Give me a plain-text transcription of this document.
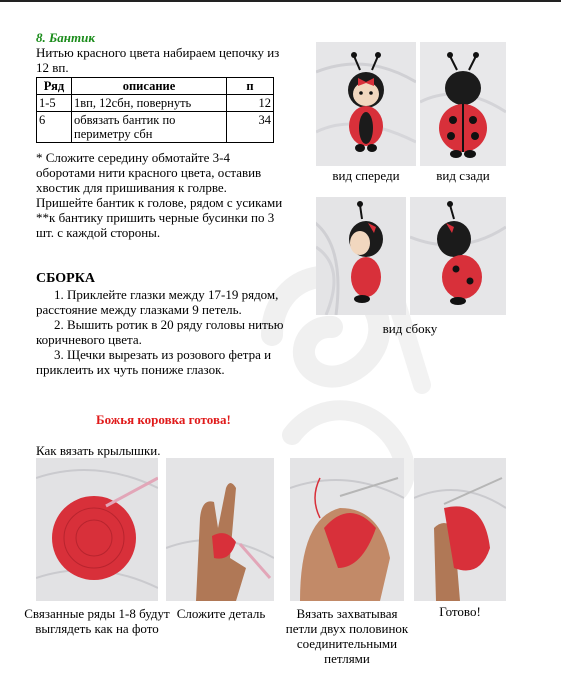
8. Бантик
Нитью красного цвета набираем цепочку из 12 вп.
Ряд	описание	п
1-5	1вп, 12сбн, повернуть	12
6	обвязать бантик по периметру сбн	34
* Сложите середину обмотайте 3-4 оборотами нити красного цвета, оставив хвостик для пришивания к голрве. Пришейте бантик к голове, рядом с усиками
**к бантику пришить черные бусинки по 3 шт. с каждой стороны.
СБОРКА
1. Приклейте глазки между 17-19 рядом, расстояние между глазками 9 петель.
2. Вышить ротик в 20 ряду головы нитью коричневого цвета.
3. Щечки вырезать из розового фетра и приклеить их чуть пониже глазок.
Божья коровка готова!
Как вязать крылышки.
вид спереди	вид сзади
вид сбоку
Связанные ряды 1-8 будут выглядеть как на фото
Сложите деталь	Вязать захватывая петли двух половинок соединительными петлями
Готово!
